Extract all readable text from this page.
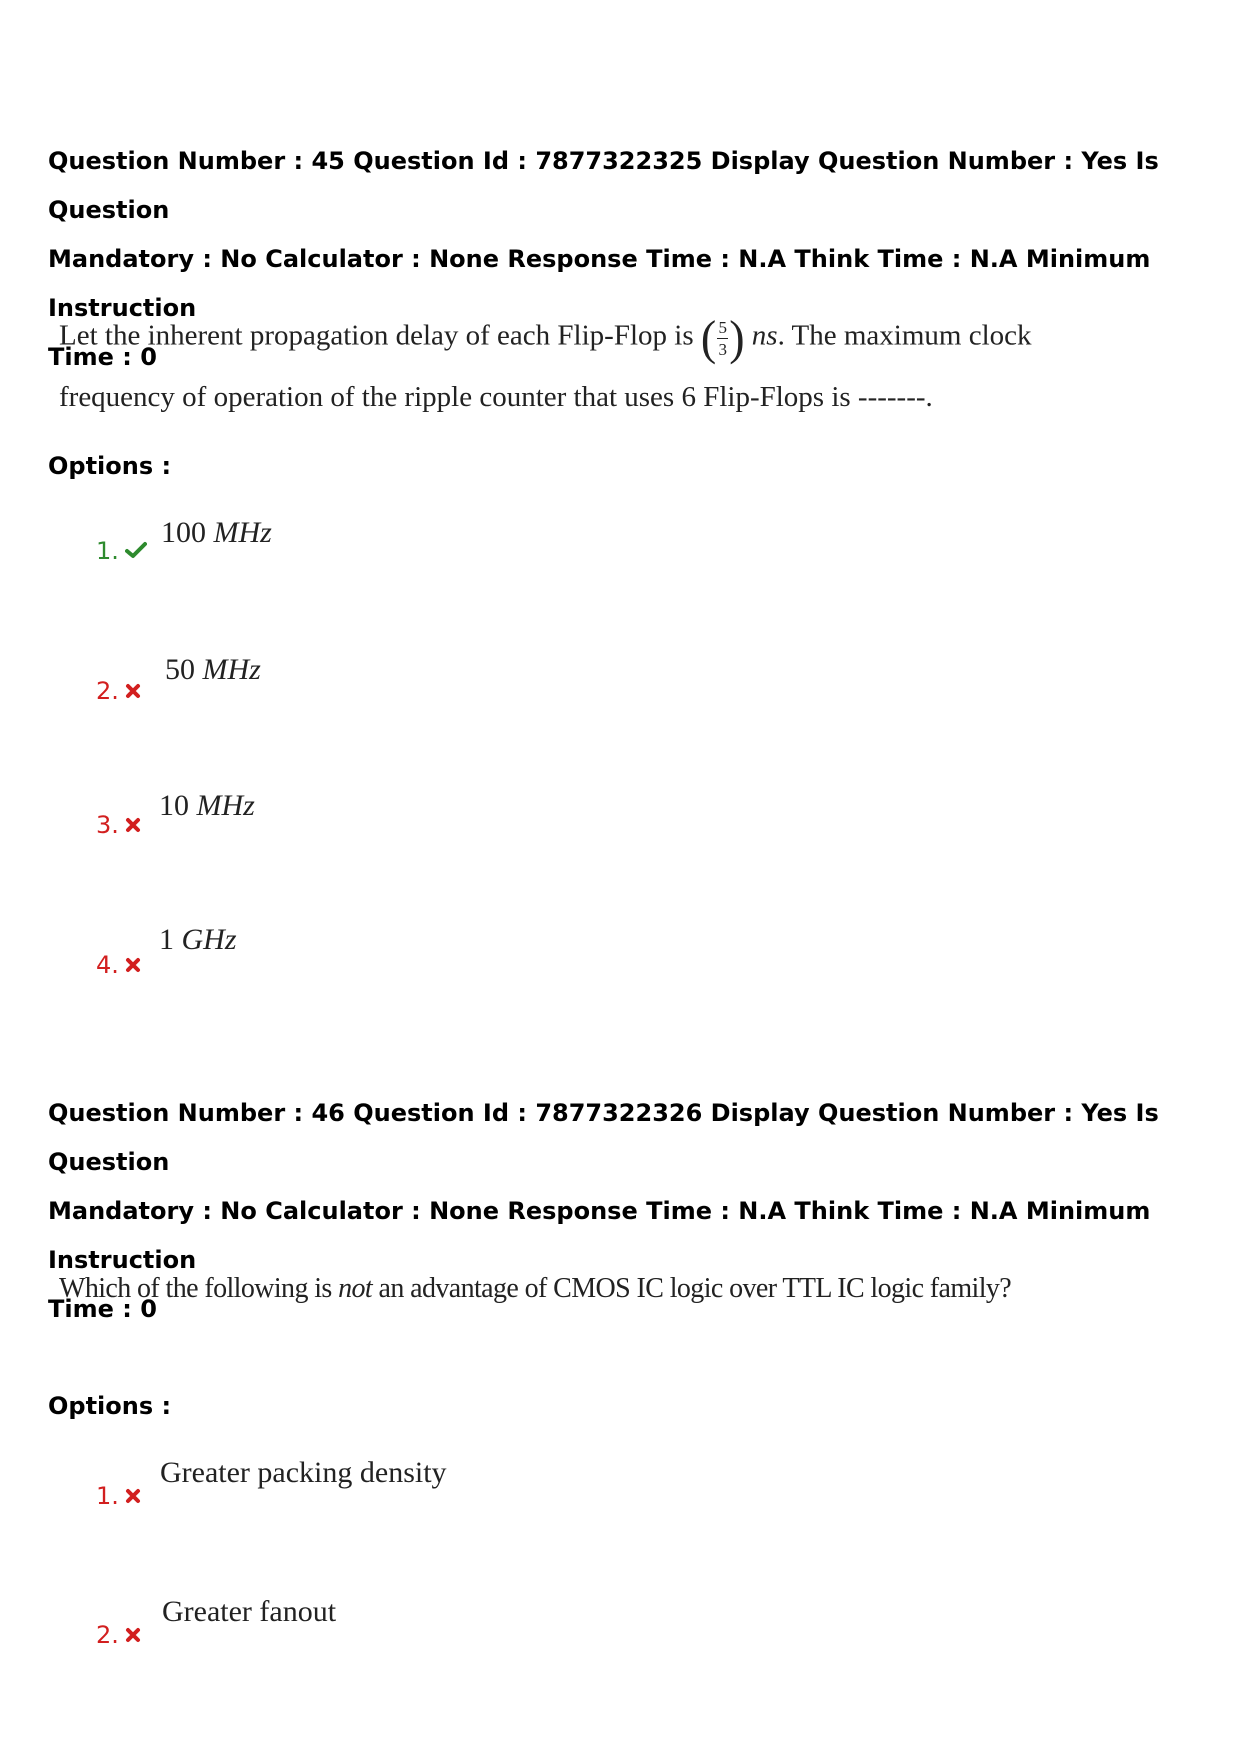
Question Number : 45 Question Id : 7877322325 Display Question Number : Yes Is Question

Mandatory : No Calculator : None Response Time : N.A Think Time : N.A Minimum Instruction

Time : 0

Let the inherent propagation delay of each Flip-Flop is ( 5
3 ) ns. The maximum clock
frequency of operation of the ripple counter that uses 6 Flip-Flops is -------.

Options :

1.
100 MHz
2.
50 MHz
3.
10 MHz
4.
1 GHz

Question Number : 46 Question Id : 7877322326 Display Question Number : Yes Is Question

Mandatory : No Calculator : None Response Time : N.A Think Time : N.A Minimum Instruction

Time : 0

Which of the following is not an advantage of CMOS IC logic over TTL IC logic family?

Options :

1.
Greater packing density
2.
Greater fanout
